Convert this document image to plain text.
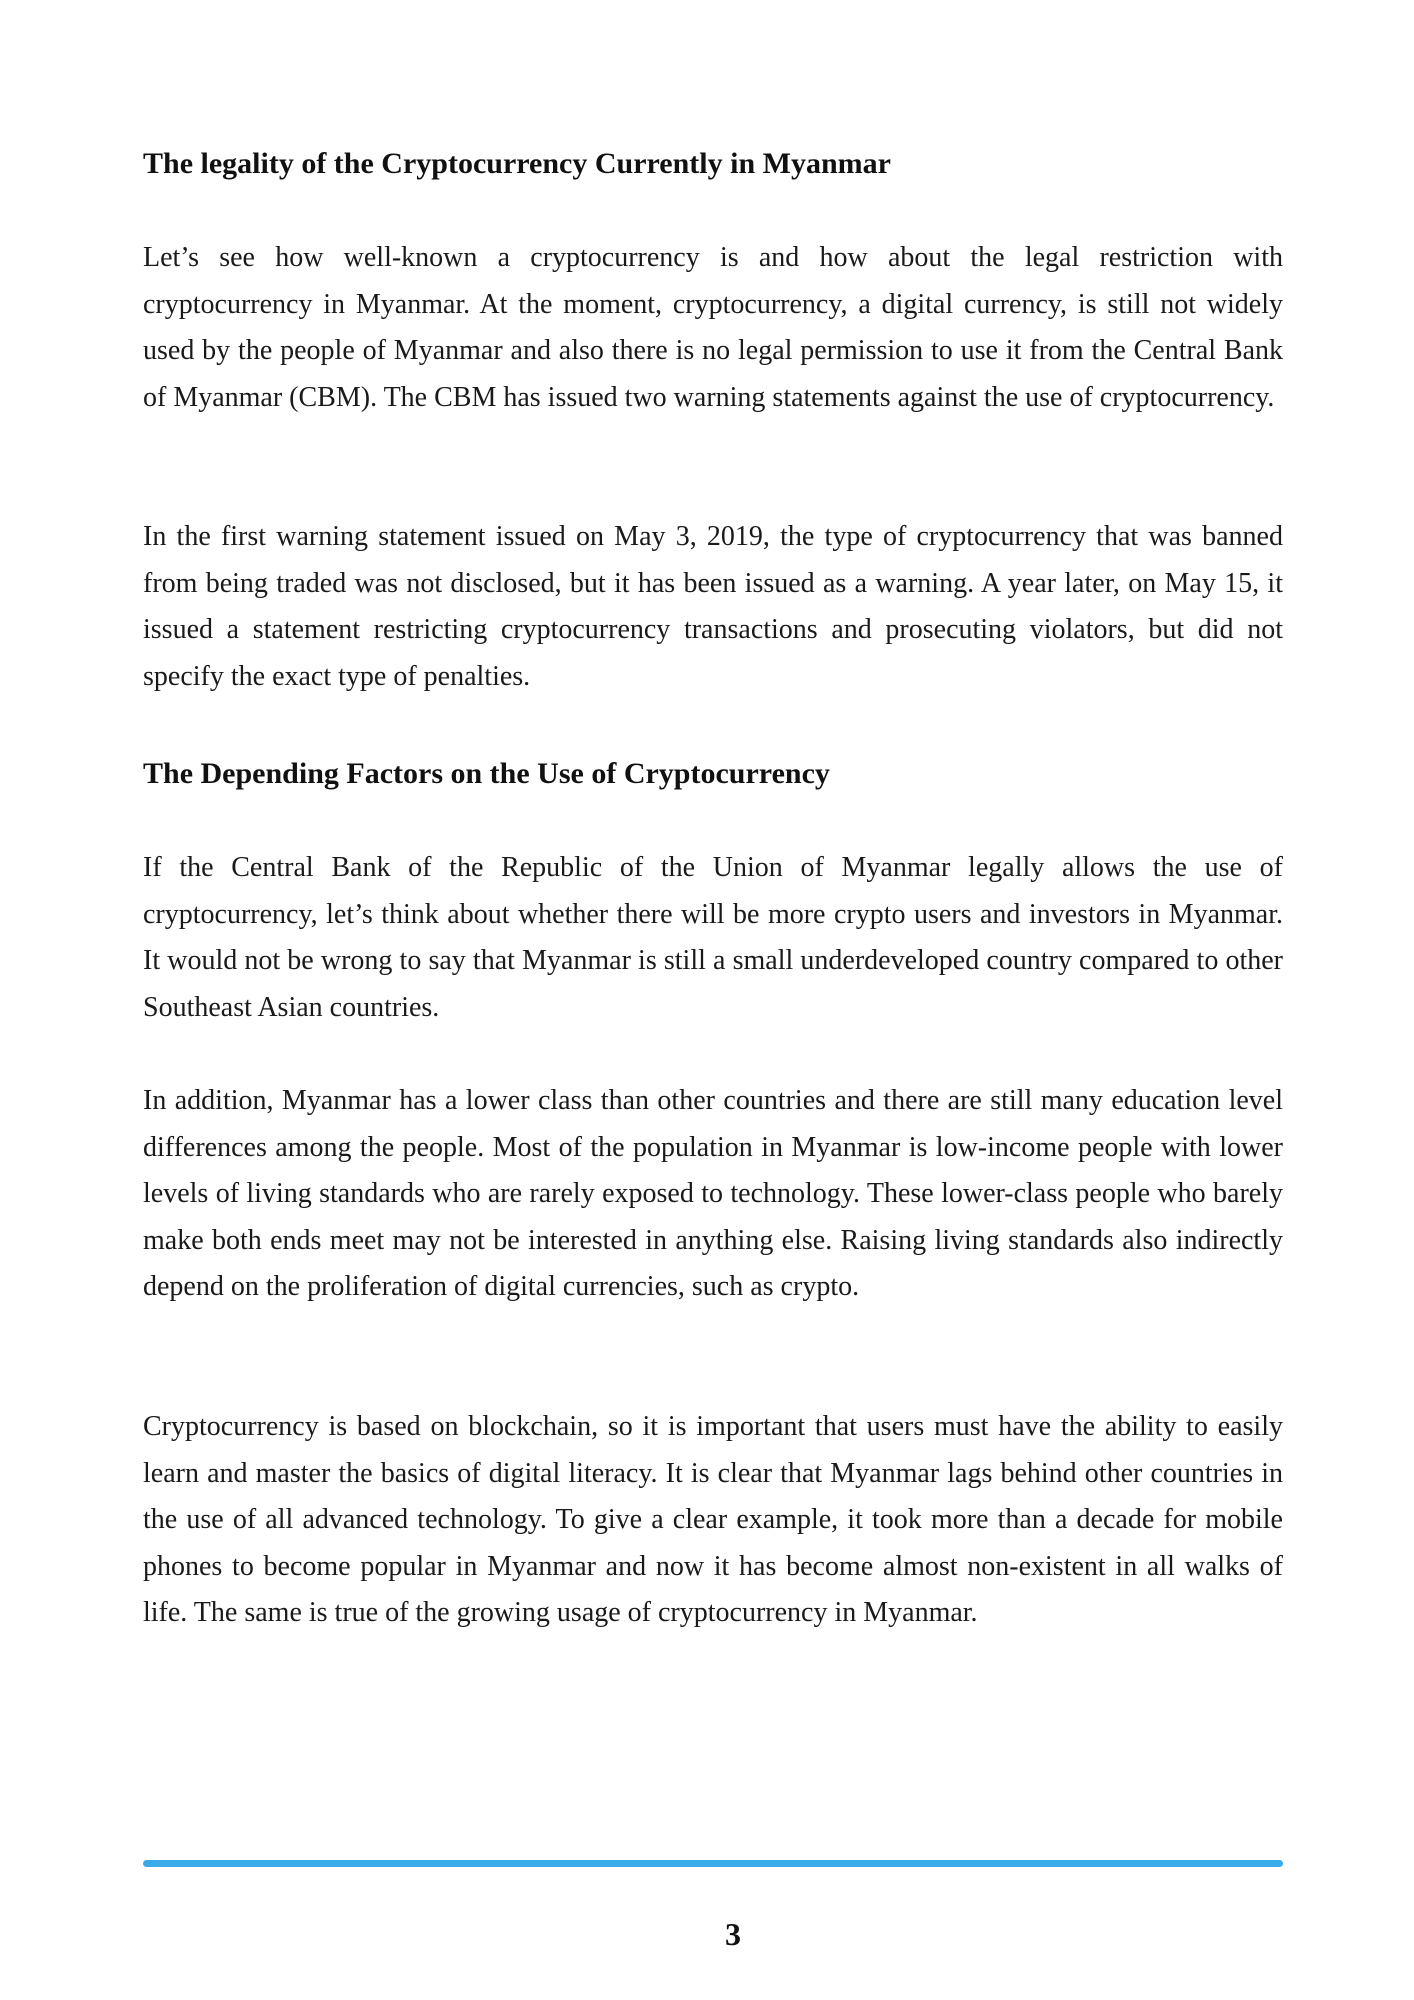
The legality of the Cryptocurrency Currently in Myanmar

Let’s see how well-known a cryptocurrency is and how about the legal restriction with cryptocurrency in Myanmar. At the moment, cryptocurrency, a digital currency, is still not widely used by the people of Myanmar and also there is no legal permission to use it from the Central Bank of Myanmar (CBM). The CBM has issued two warning statements against the use of cryptocurrency.

In the first warning statement issued on May 3, 2019, the type of cryptocurrency that was banned from being traded was not disclosed, but it has been issued as a warning. A year later, on May 15, it issued a statement restricting cryptocurrency transactions and prosecuting violators, but did not specify the exact type of penalties.

The Depending Factors on the Use of Cryptocurrency

If the Central Bank of the Republic of the Union of Myanmar legally allows the use of cryptocurrency, let’s think about whether there will be more crypto users and investors in Myanmar. It would not be wrong to say that Myanmar is still a small underdeveloped country compared to other Southeast Asian countries.

In addition, Myanmar has a lower class than other countries and there are still many education level differences among the people. Most of the population in Myanmar is low-income people with lower levels of living standards who are rarely exposed to technology. These lower-class people who barely make both ends meet may not be interested in anything else. Raising living standards also indirectly depend on the proliferation of digital currencies, such as crypto.

Cryptocurrency is based on blockchain, so it is important that users must have the ability to easily learn and master the basics of digital literacy. It is clear that Myanmar lags behind other countries in the use of all advanced technology. To give a clear example, it took more than a decade for mobile phones to become popular in Myanmar and now it has become almost non-existent in all walks of life. The same is true of the growing usage of cryptocurrency in Myanmar.

3
